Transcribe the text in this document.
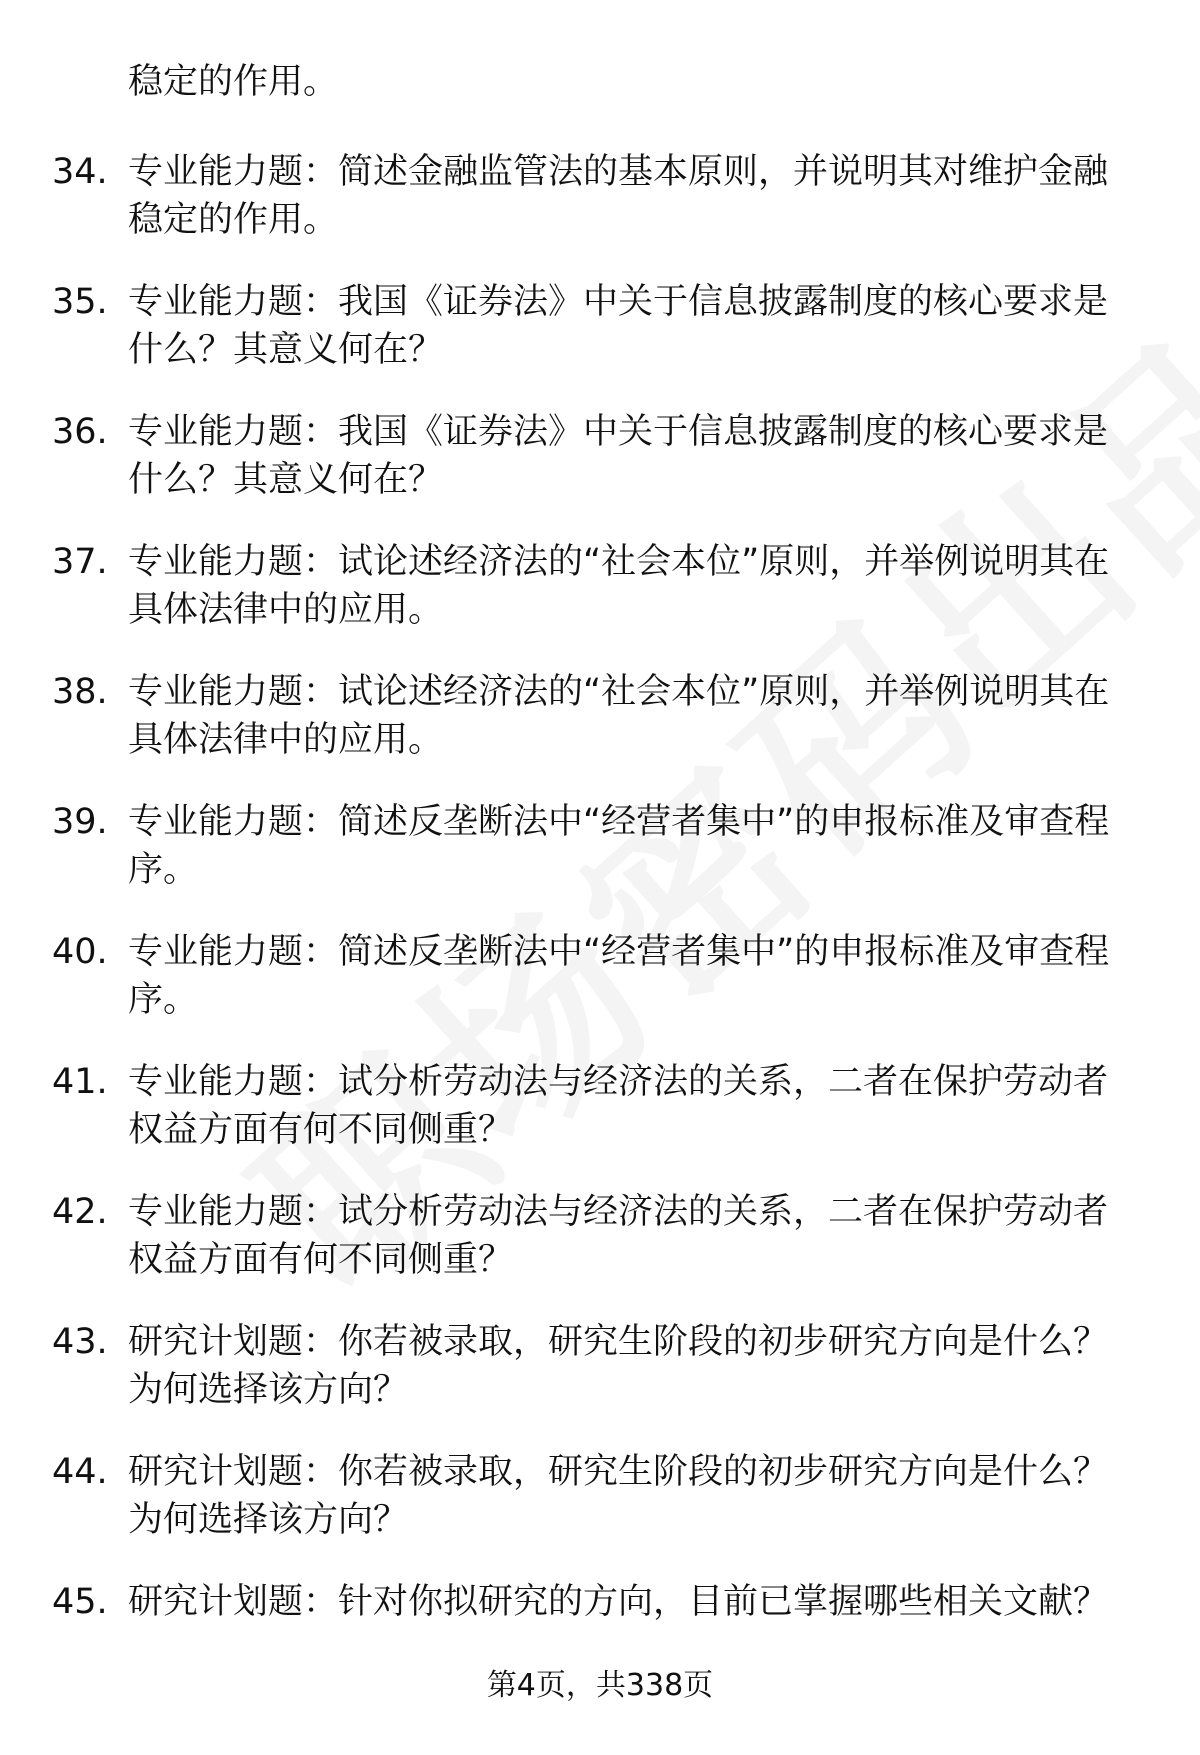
稳定的作用。

34. 专业能力题：简述金融监管法的基本原则，并说明其对维护金融稳定的作用。

35. 专业能力题：我国《证券法》中关于信息披露制度的核心要求是什么？其意义何在？

36. 专业能力题：我国《证券法》中关于信息披露制度的核心要求是什么？其意义何在？

37. 专业能力题：试论述经济法的“社会本位”原则，并举例说明其在具体法律中的应用。

38. 专业能力题：试论述经济法的“社会本位”原则，并举例说明其在具体法律中的应用。

39. 专业能力题：简述反垄断法中“经营者集中”的申报标准及审查程序。

40. 专业能力题：简述反垄断法中“经营者集中”的申报标准及审查程序。

41. 专业能力题：试分析劳动法与经济法的关系，二者在保护劳动者权益方面有何不同侧重？

42. 专业能力题：试分析劳动法与经济法的关系，二者在保护劳动者权益方面有何不同侧重？

43. 研究计划题：你若被录取，研究生阶段的初步研究方向是什么？为何选择该方向？

44. 研究计划题：你若被录取，研究生阶段的初步研究方向是什么？为何选择该方向？

45. 研究计划题：针对你拟研究的方向，目前已掌握哪些相关文献？

第4页，共338页
